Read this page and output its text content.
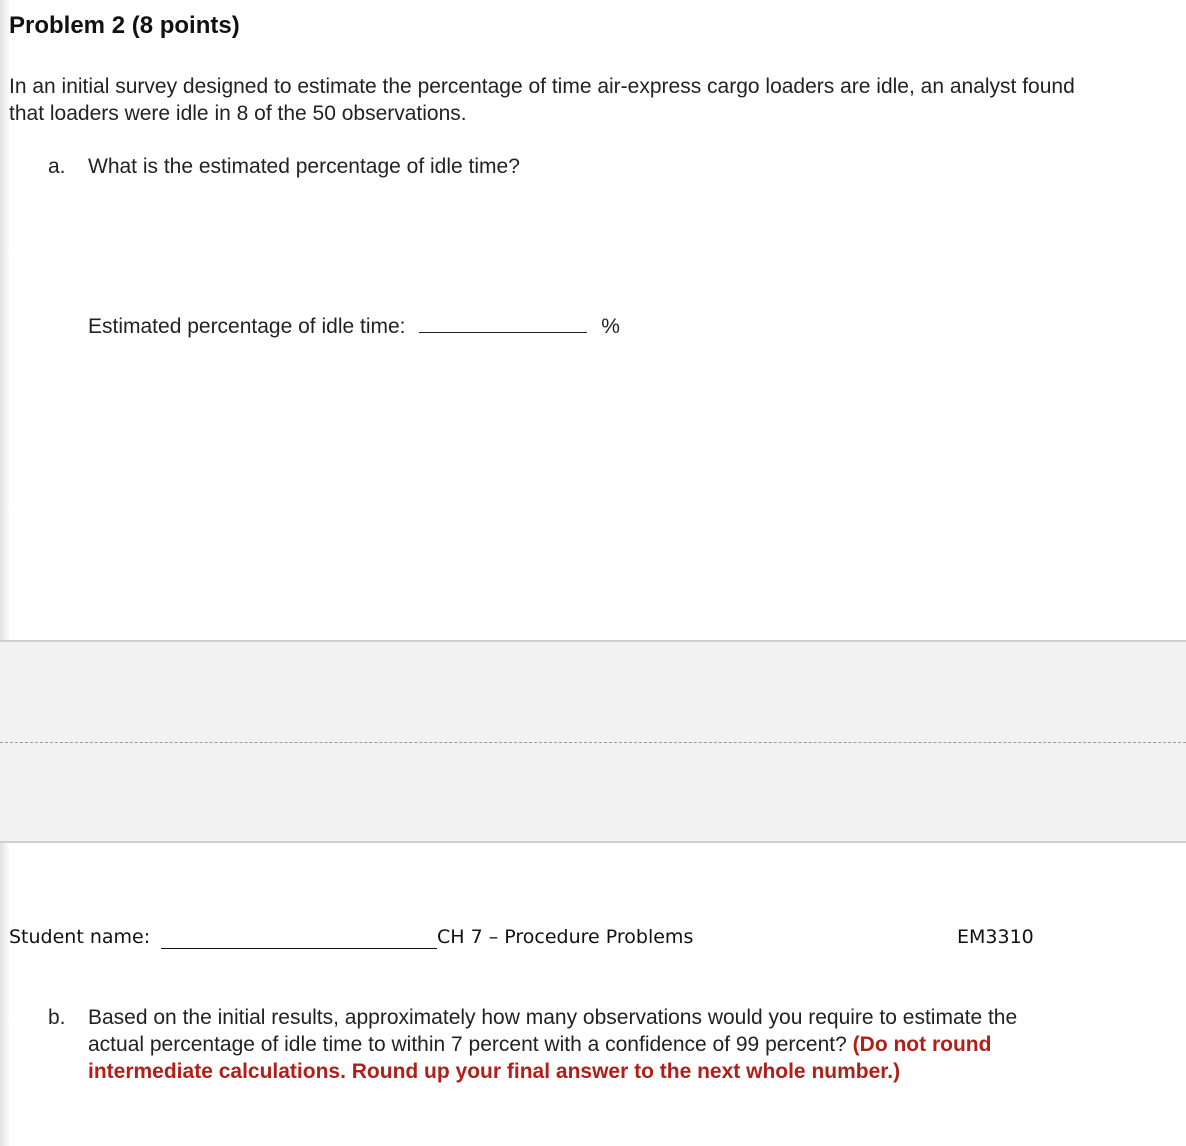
Problem 2 (8 points)

In an initial survey designed to estimate the percentage of time air-express cargo loaders are idle, an analyst found that loaders were idle in 8 of the 50 observations.

a. What is the estimated percentage of idle time?
Estimated percentage of idle time:	%
Student name:	CH 7 – Procedure Problems	EM3310
b. Based on the initial results, approximately how many observations would you require to estimate the actual percentage of idle time to within 7 percent with a confidence of 99 percent? (Do not round intermediate calculations. Round up your final answer to the next whole number.)
